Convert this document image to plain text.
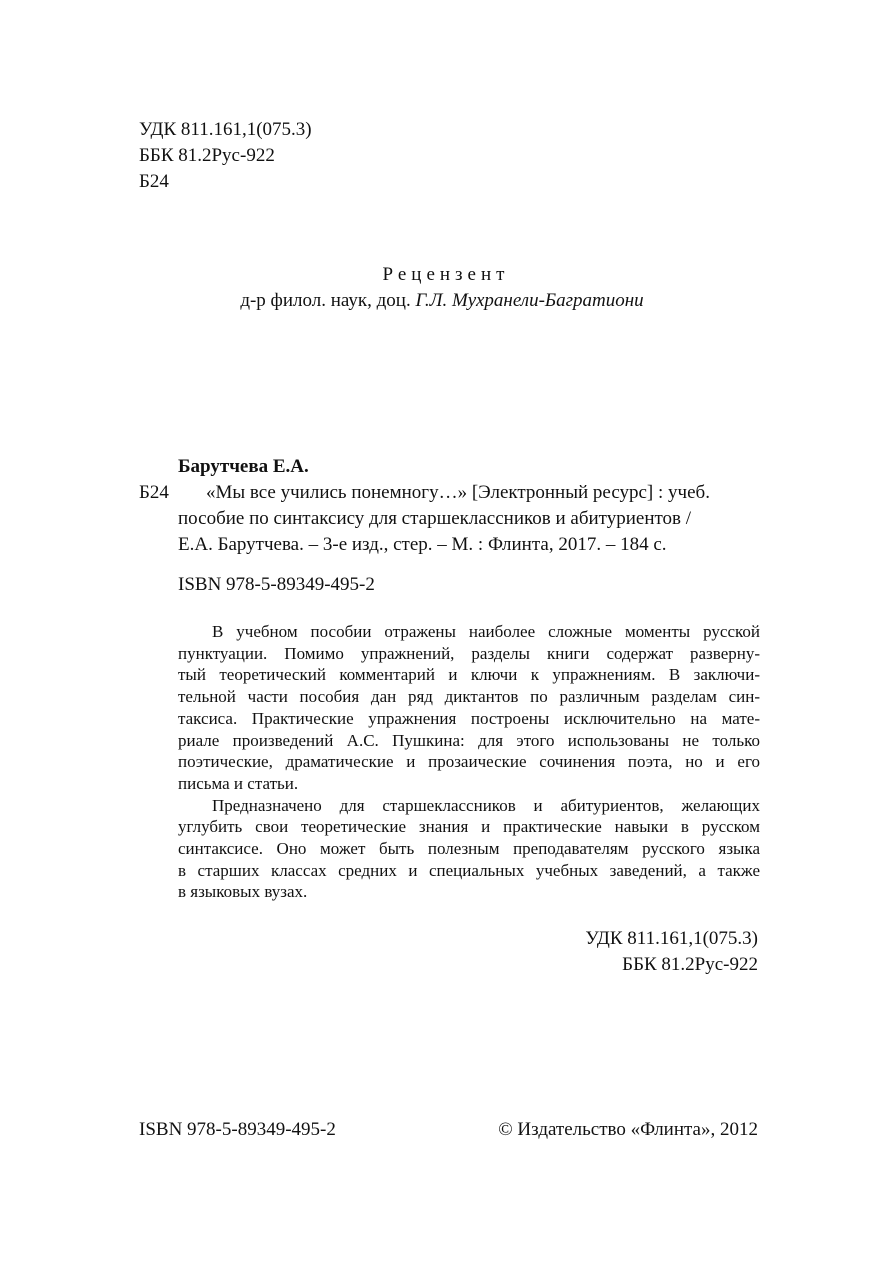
УДК 811.161,1(075.3)
ББК 81.2Рус-922
Б24
Рецензент
д-р филол. наук, доц. Г.Л. Мухранели-Багратиони
Барутчева Е.А.
Б24	«Мы все учились понемногу…» [Электронный ресурс] : учеб.
пособие по синтаксису для старшеклассников и абитуриентов /
Е.А. Барутчева. – 3-е изд., стер. – М. : Флинта, 2017. – 184 с.
ISBN 978-5-89349-495-2
В учебном пособии отражены наиболее сложные моменты русской
пунктуации. Помимо упражнений, разделы книги содержат разверну-
тый теоретический комментарий и ключи к упражнениям. В заключи-
тельной части пособия дан ряд диктантов по различным разделам син-
таксиса. Практические упражнения построены исключительно на мате-
риале произведений А.С. Пушкина: для этого использованы не только
поэтические, драматические и прозаические сочинения поэта, но и его
письма и статьи.
Предназначено для старшеклассников и абитуриентов, желающих
углубить свои теоретические знания и практические навыки в русском
синтаксисе. Оно может быть полезным преподавателям русского языка
в старших классах средних и специальных учебных заведений, а также
в языковых вузах.
УДК 811.161,1(075.3)
ББК 81.2Рус-922
ISBN 978-5-89349-495-2	© Издательство «Флинта», 2012
